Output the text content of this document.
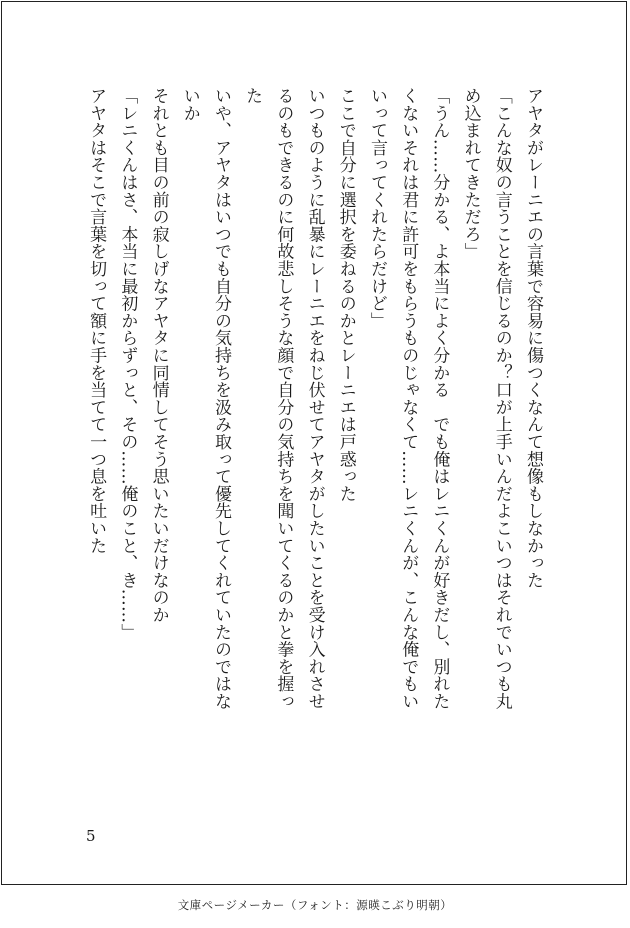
アヤタがレーニエの言葉で容易に傷つくなんて想像もしなかった
「こんな奴の言うことを信じるのか？口が上手いんだよこいつはそれでいつも丸
め込まれてきただろ」
「うん……分かる、よ本当によく分かる　でも俺はレニくんが好きだし、別れた
くないそれは君に許可をもらうものじゃなくて……レニくんが、こんな俺でもい
いって言ってくれたらだけど」
ここで自分に選択を委ねるのかとレーニエは戸惑った
いつものように乱暴にレーニエをねじ伏せてアヤタがしたいことを受け入れさせ
るのもできるのに何故悲しそうな顔で自分の気持ちを聞いてくるのかと拳を握っ
た
いや、アヤタはいつでも自分の気持ちを汲み取って優先してくれていたのではな
いか
それとも目の前の寂しげなアヤタに同情してそう思いたいだけなのか
「レニくんはさ、本当に最初からずっと、その……俺のこと、き……」
アヤタはそこで言葉を切って額に手を当てて一つ息を吐いた
5
文庫ページメーカー（フォント：源暎こぶり明朝）
